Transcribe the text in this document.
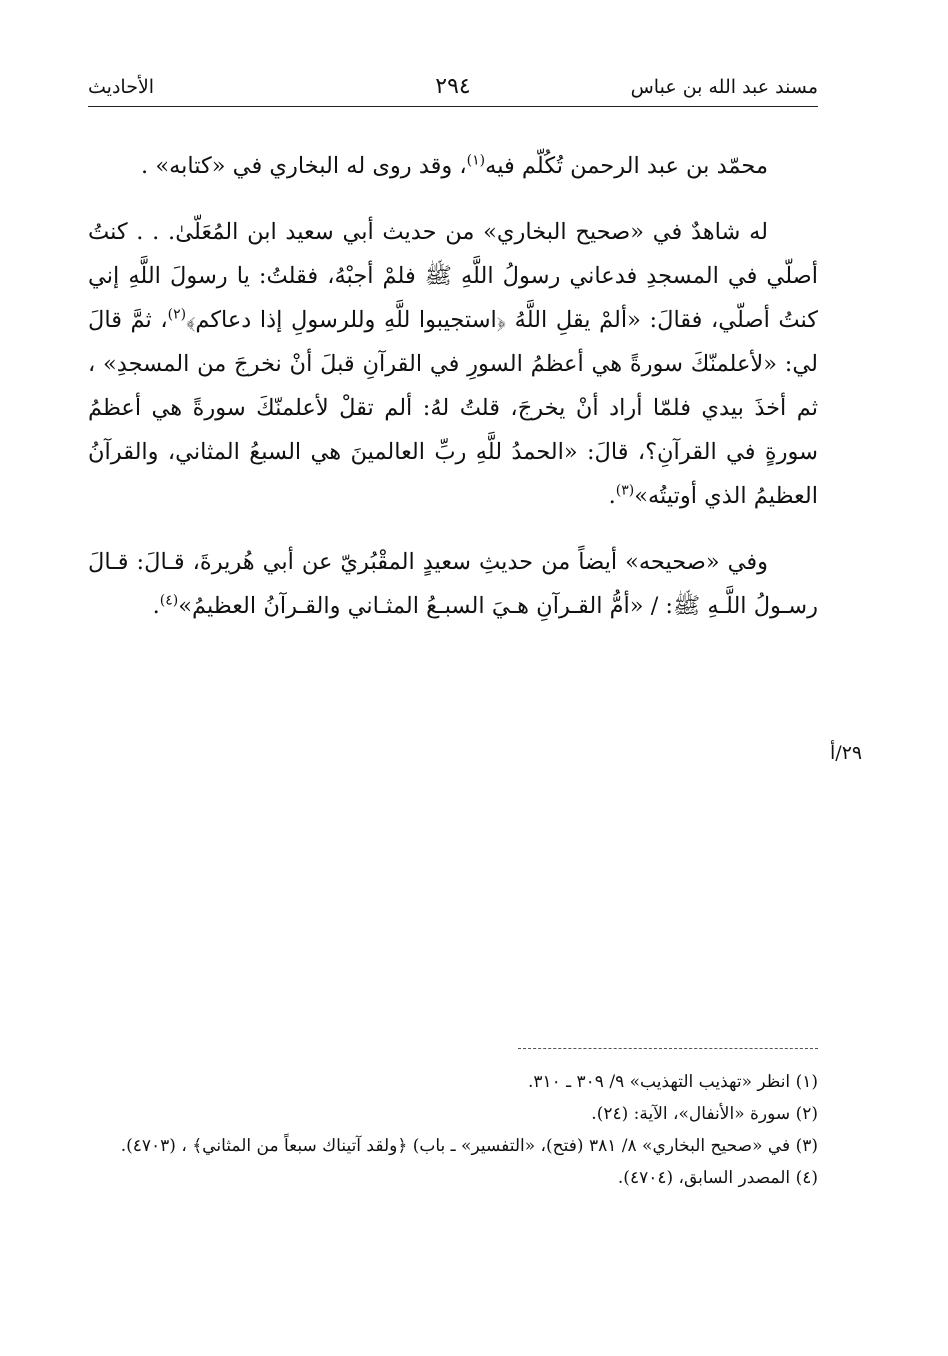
مسند عبد الله بن عباس
٢٩٤
الأحاديث

محمّد بن عبد الرحمن تُكُلّم فيه$^{(١)}$، وقد روى له البخاري في «كتابه» .

له شاهدٌ في «صحيح البخاري» من حديث أبي سعيد ابن المُعَلّىٰ. . . كنتُ أصلّي في المسجدِ فدعاني رسولُ اللَّهِ ﷺ فلمْ أجبْهُ، فقلتُ: يا رسولَ اللَّهِ إني كنتُ أصلّي، فقالَ: «ألمْ يقلِ اللَّهُ ﴿استجيبوا للَّهِ وللرسولِ إذا دعاكم﴾$^{(٢)}$، ثمَّ قالَ لي: «لأعلمنّكَ سورةً هي أعظمُ السورِ في القرآنِ قبلَ أنْ نخرجَ من المسجدِ» ، ثم أخذَ بيدي فلمّا أراد أنْ يخرجَ، قلتُ لهُ: ألم تقلْ لأعلمنّكَ سورةً هي أعظمُ سورةٍ في القرآنِ؟، قالَ: «الحمدُ للَّهِ ربِّ العالمينَ هي السبعُ المثاني، والقرآنُ العظيمُ الذي أوتيتُه»$^{(٣)}$.

وفي «صحيحه» أيضاً من حديثِ سعيدٍ المقْبُريّ عن أبي هُريرةَ، قـالَ: قـالَ رسـولُ اللَّـهِ ﷺ: / «أمُّ القـرآنِ هـيَ السبـعُ المثـاني والقـرآنُ العظيمُ»$^{(٤)}$.

٢٩/أ

(١) انظر «تهذيب التهذيب» ٩/ ٣٠٩ ـ ٣١٠.

(٢) سورة «الأنفال»، الآية: (٢٤).

(٣) في «صحيح البخاري» ٨/ ٣٨١ (فتح)، «التفسير» ـ باب) ﴿ولقد آتيناك سبعاً من المثاني﴾ ، (٤٧٠٣).

(٤) المصدر السابق، (٤٧٠٤).
